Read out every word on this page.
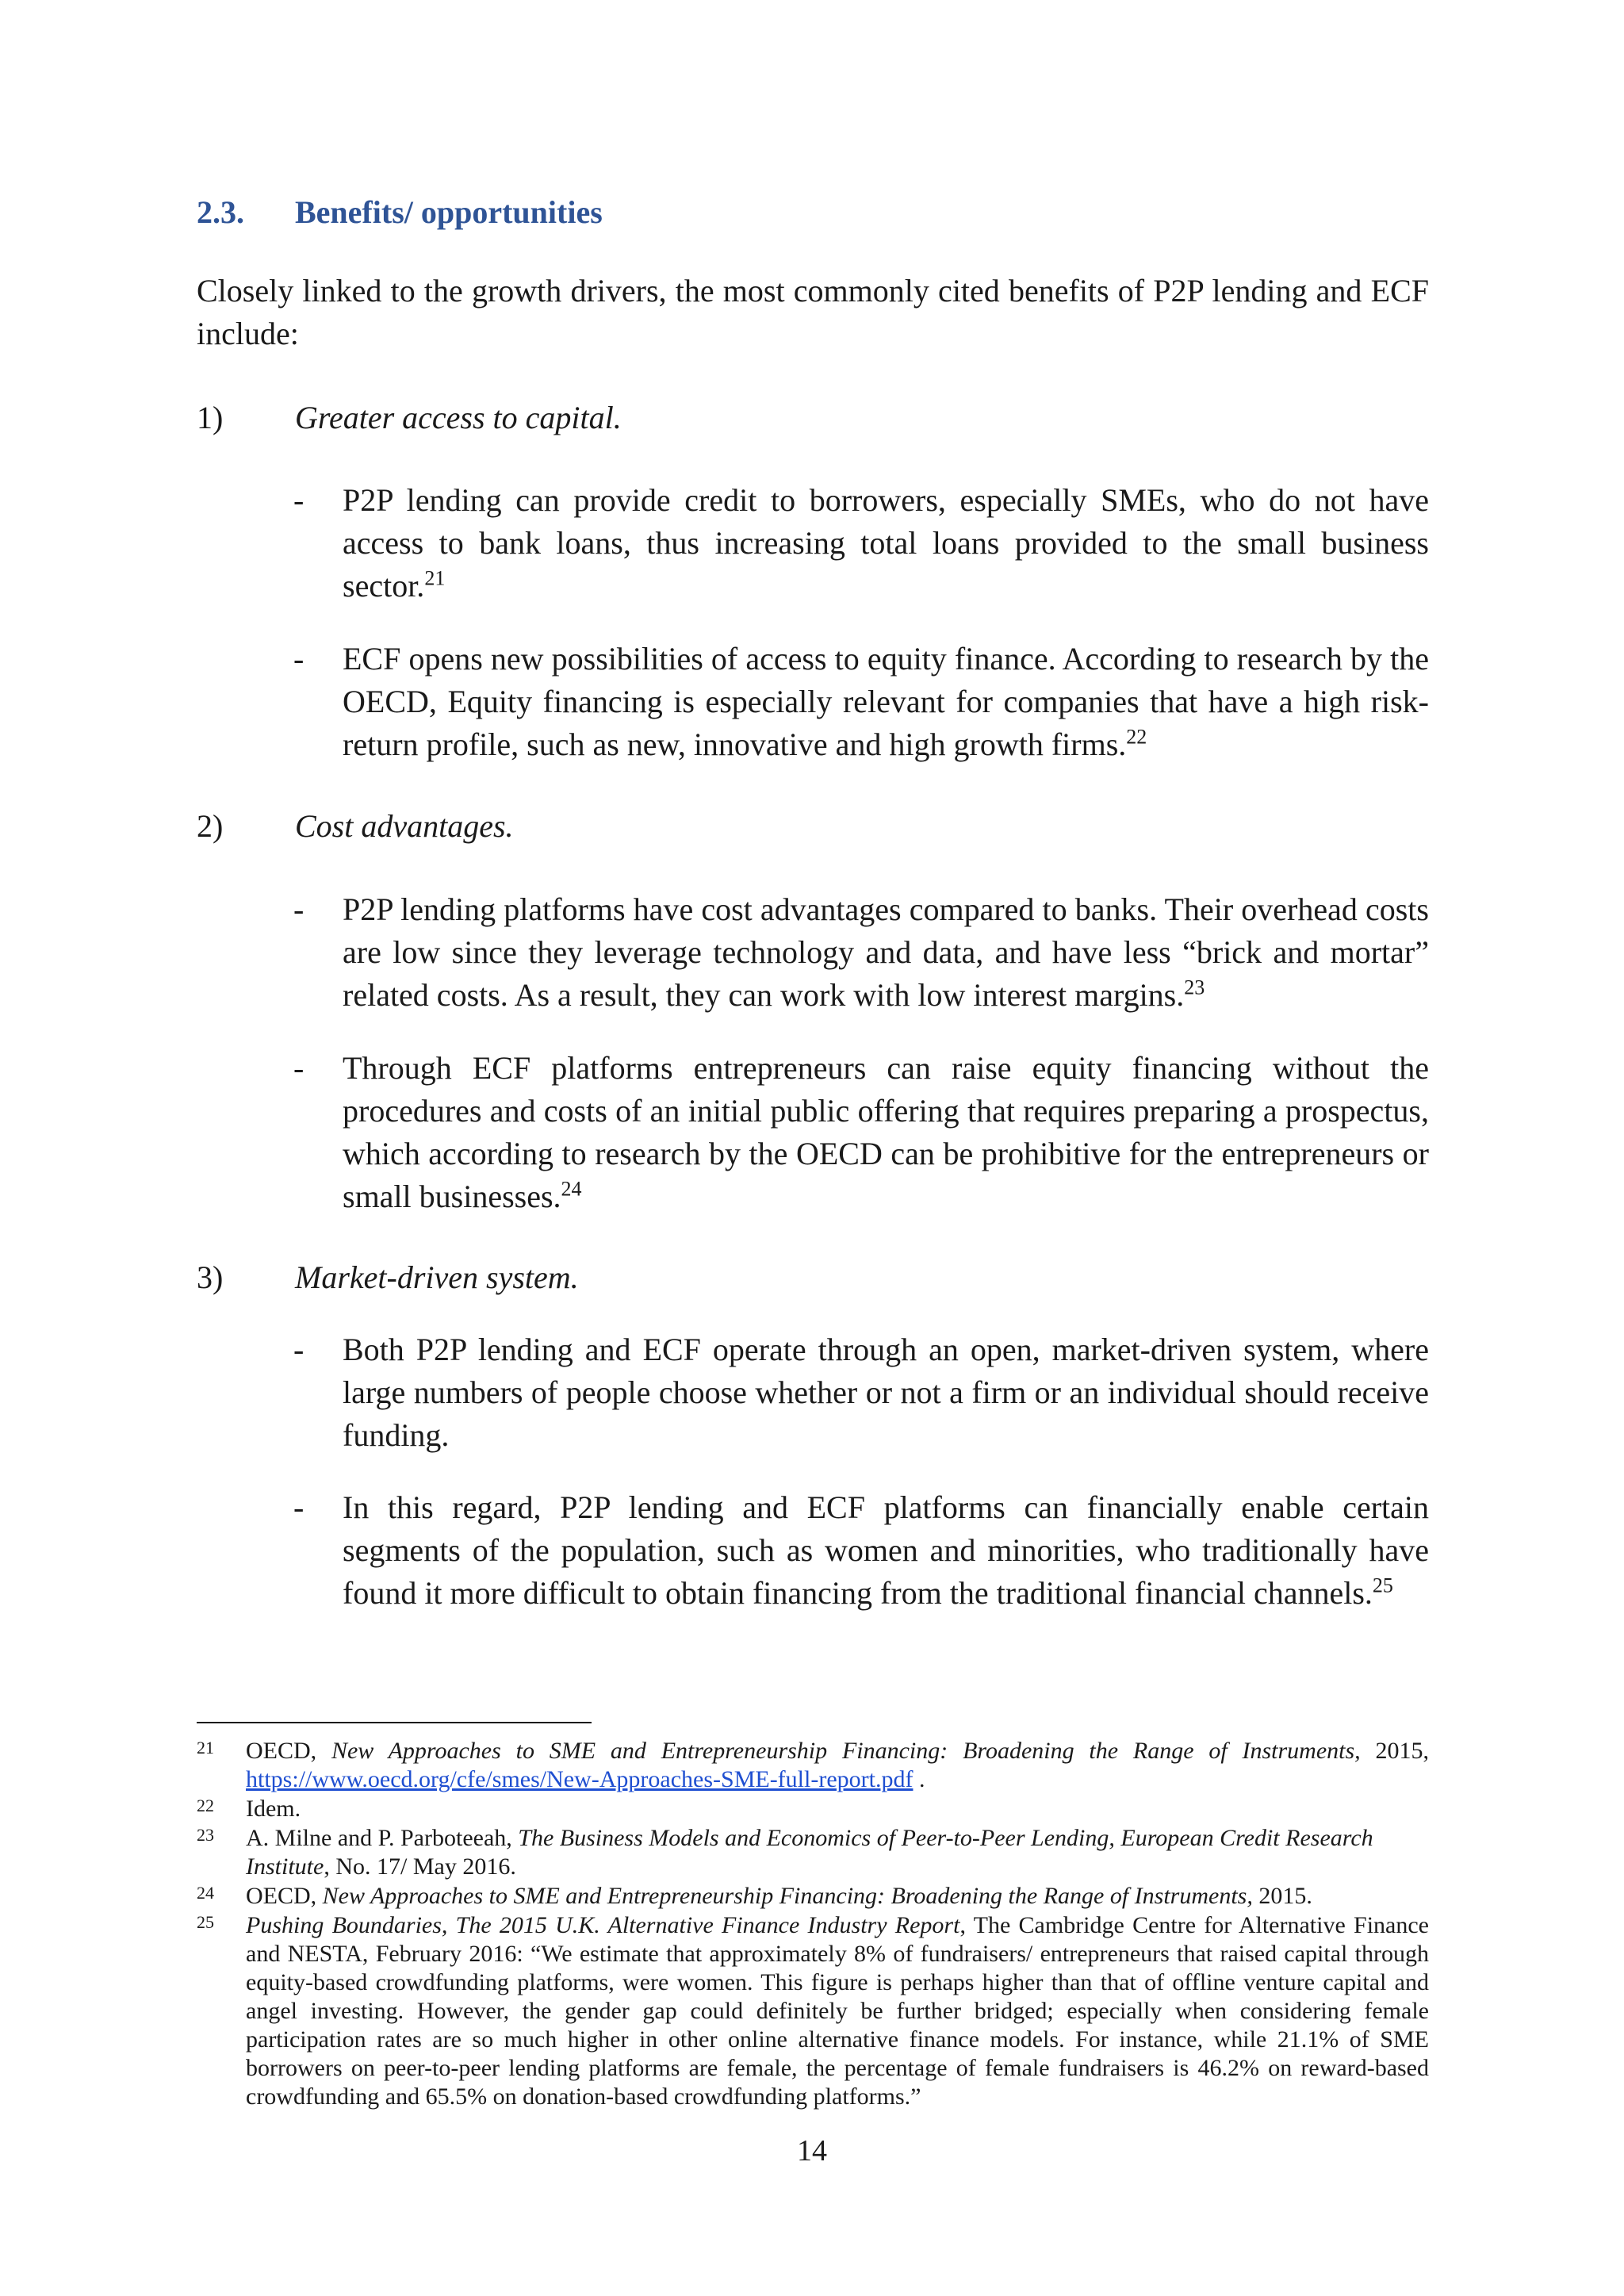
2.3. Benefits/ opportunities
Closely linked to the growth drivers, the most commonly cited benefits of P2P lending and ECF include:
1) Greater access to capital.
- P2P lending can provide credit to borrowers, especially SMEs, who do not have access to bank loans, thus increasing total loans provided to the small business sector.$^{21}$
- ECF opens new possibilities of access to equity finance. According to research by the OECD, Equity financing is especially relevant for companies that have a high risk-return profile, such as new, innovative and high growth firms.$^{22}$
2) Cost advantages.
- P2P lending platforms have cost advantages compared to banks. Their overhead costs are low since they leverage technology and data, and have less “brick and mortar” related costs. As a result, they can work with low interest margins.$^{23}$
- Through ECF platforms entrepreneurs can raise equity financing without the procedures and costs of an initial public offering that requires preparing a prospectus, which according to research by the OECD can be prohibitive for the entrepreneurs or small businesses.$^{24}$
3) Market-driven system.
- Both P2P lending and ECF operate through an open, market-driven system, where large numbers of people choose whether or not a firm or an individual should receive funding.
- In this regard, P2P lending and ECF platforms can financially enable certain segments of the population, such as women and minorities, who traditionally have found it more difficult to obtain financing from the traditional financial channels.$^{25}$
21 OECD, New Approaches to SME and Entrepreneurship Financing: Broadening the Range of Instruments, 2015, https://www.oecd.org/cfe/smes/New-Approaches-SME-full-report.pdf .
22 Idem.
23 A. Milne and P. Parboteeah, The Business Models and Economics of Peer-to-Peer Lending, European Credit Research Institute, No. 17/ May 2016.
24 OECD, New Approaches to SME and Entrepreneurship Financing: Broadening the Range of Instruments, 2015.
25 Pushing Boundaries, The 2015 U.K. Alternative Finance Industry Report, The Cambridge Centre for Alternative Finance and NESTA, February 2016: “We estimate that approximately 8% of fundraisers/ entrepreneurs that raised capital through equity-based crowdfunding platforms, were women. This figure is perhaps higher than that of offline venture capital and angel investing. However, the gender gap could definitely be further bridged; especially when considering female participation rates are so much higher in other online alternative finance models. For instance, while 21.1% of SME borrowers on peer-to-peer lending platforms are female, the percentage of female fundraisers is 46.2% on reward-based crowdfunding and 65.5% on donation-based crowdfunding platforms.”
14
